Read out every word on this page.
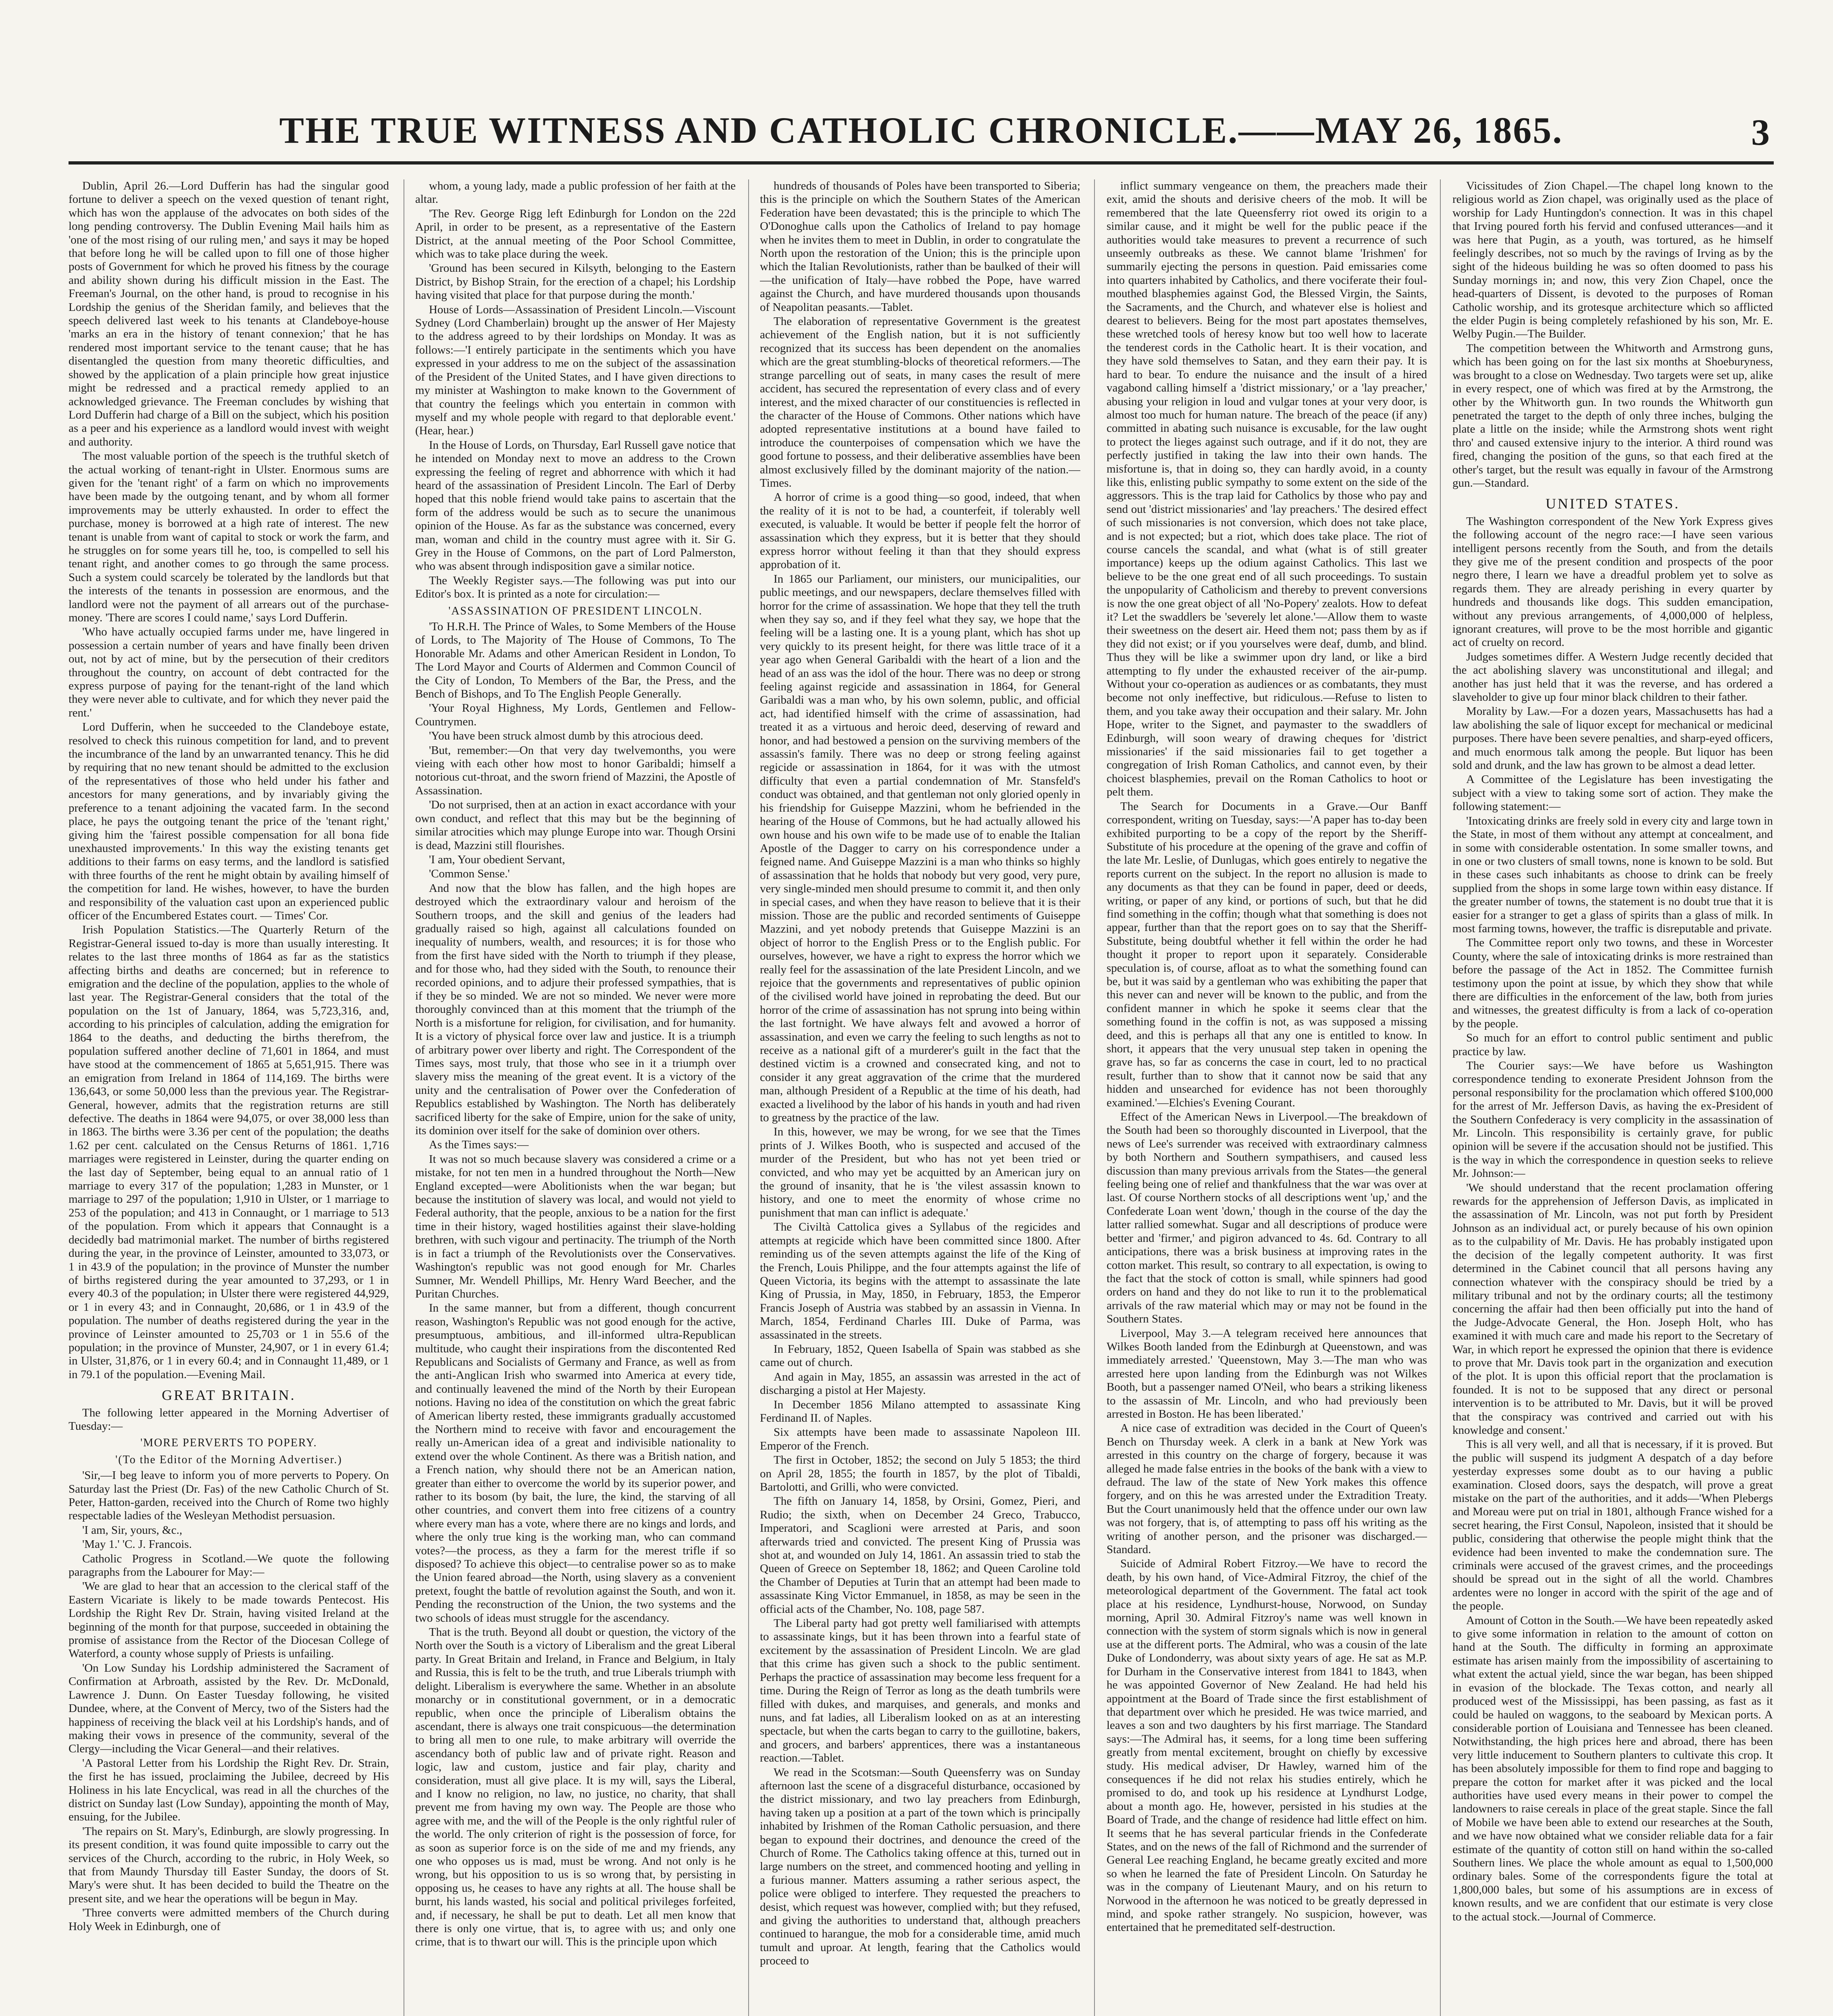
THE TRUE WITNESS AND CATHOLIC CHRONICLE.——MAY 26, 1865.	3

Dublin, April 26.—Lord Dufferin has had the singular good fortune to deliver a speech on the vexed question of tenant right, which has won the applause of the advocates on both sides of the long pending controversy. The Dublin Evening Mail hails him as 'one of the most rising of our ruling men,' and says it may be hoped that before long he will be called upon to fill one of those higher posts of Government for which he proved his fitness by the courage and ability shown during his difficult mission in the East. The Freeman's Journal, on the other hand, is proud to recognise in his Lordship the genius of the Sheridan family, and believes that the speech delivered last week to his tenants at Clandeboye-house 'marks an era in the history of tenant connexion;' that he has rendered most important service to the tenant cause; that he has disentangled the question from many theoretic difficulties, and showed by the application of a plain principle how great injustice might be redressed and a practical remedy applied to an acknowledged grievance. The Freeman concludes by wishing that Lord Dufferin had charge of a Bill on the subject, which his position as a peer and his experience as a landlord would invest with weight and authority.

The most valuable portion of the speech is the truthful sketch of the actual working of tenant-right in Ulster. Enormous sums are given for the 'tenant right' of a farm on which no improvements have been made by the outgoing tenant, and by whom all former improvements may be utterly exhausted. In order to effect the purchase, money is borrowed at a high rate of interest. The new tenant is unable from want of capital to stock or work the farm, and he struggles on for some years till he, too, is compelled to sell his tenant right, and another comes to go through the same process. Such a system could scarcely be tolerated by the landlords but that the interests of the tenants in possession are enormous, and the landlord were not the payment of all arrears out of the purchase-money. 'There are scores I could name,' says Lord Dufferin.

'Who have actually occupied farms under me, have lingered in possession a certain number of years and have finally been driven out, not by act of mine, but by the persecution of their creditors throughout the country, on account of debt contracted for the express purpose of paying for the tenant-right of the land which they were never able to cultivate, and for which they never paid the rent.'

Lord Dufferin, when he succeeded to the Clandeboye estate, resolved to check this ruinous competition for land, and to prevent the incumbrance of the land by an unwarranted tenancy. This he did by requiring that no new tenant should be admitted to the exclusion of the representatives of those who held under his father and ancestors for many generations, and by invariably giving the preference to a tenant adjoining the vacated farm. In the second place, he pays the outgoing tenant the price of the 'tenant right,' giving him the 'fairest possible compensation for all bona fide unexhausted improvements.' In this way the existing tenants get additions to their farms on easy terms, and the landlord is satisfied with three fourths of the rent he might obtain by availing himself of the competition for land. He wishes, however, to have the burden and responsibility of the valuation cast upon an experienced public officer of the Encumbered Estates court. — Times' Cor.

Irish Population Statistics.—The Quarterly Return of the Registrar-General issued to-day is more than usually interesting. It relates to the last three months of 1864 as far as the statistics affecting births and deaths are concerned; but in reference to emigration and the decline of the population, applies to the whole of last year. The Registrar-General considers that the total of the population on the 1st of January, 1864, was 5,723,316, and, according to his principles of calculation, adding the emigration for 1864 to the deaths, and deducting the births therefrom, the population suffered another decline of 71,601 in 1864, and must have stood at the commencement of 1865 at 5,651,915. There was an emigration from Ireland in 1864 of 114,169. The births were 136,643, or some 50,000 less than the previous year. The Registrar-General, however, admits that the registration returns are still defective. The deaths in 1864 were 94,075, or over 38,000 less than in 1863. The births were 3.36 per cent of the population; the deaths 1.62 per cent. calculated on the Census Returns of 1861. 1,716 marriages were registered in Leinster, during the quarter ending on the last day of September, being equal to an annual ratio of 1 marriage to every 317 of the population; 1,283 in Munster, or 1 marriage to 297 of the population; 1,910 in Ulster, or 1 marriage to 253 of the population; and 413 in Connaught, or 1 marriage to 513 of the population. From which it appears that Connaught is a decidedly bad matrimonial market. The number of births registered during the year, in the province of Leinster, amounted to 33,073, or 1 in 43.9 of the population; in the province of Munster the number of births registered during the year amounted to 37,293, or 1 in every 40.3 of the population; in Ulster there were registered 44,929, or 1 in every 43; and in Connaught, 20,686, or 1 in 43.9 of the population. The number of deaths registered during the year in the province of Leinster amounted to 25,703 or 1 in 55.6 of the population; in the province of Munster, 24,907, or 1 in every 61.4; in Ulster, 31,876, or 1 in every 60.4; and in Connaught 11,489, or 1 in 79.1 of the population.—Evening Mail.

GREAT BRITAIN.

The following letter appeared in the Morning Advertiser of Tuesday:—

'MORE PERVERTS TO POPERY.
'(To the Editor of the Morning Advertiser.)

'Sir,—I beg leave to inform you of more perverts to Popery. On Saturday last the Priest (Dr. Fas) of the new Catholic Church of St. Peter, Hatton-garden, received into the Church of Rome two highly respectable ladies of the Wesleyan Methodist persuasion.

'I am, Sir, yours, &c.,

'May 1.' 'C. J. Francois.

Catholic Progress in Scotland.—We quote the following paragraphs from the Labourer for May:—

'We are glad to hear that an accession to the clerical staff of the Eastern Vicariate is likely to be made towards Pentecost. His Lordship the Right Rev Dr. Strain, having visited Ireland at the beginning of the month for that purpose, succeeded in obtaining the promise of assistance from the Rector of the Diocesan College of Waterford, a county whose supply of Priests is unfailing.

'On Low Sunday his Lordship administered the Sacrament of Confirmation at Arbroath, assisted by the Rev. Dr. McDonald, Lawrence J. Dunn. On Easter Tuesday following, he visited Dundee, where, at the Convent of Mercy, two of the Sisters had the happiness of receiving the black veil at his Lordship's hands, and of making their vows in presence of the community, several of the Clergy—including the Vicar General—and their relatives.

'A Pastoral Letter from his Lordship the Right Rev. Dr. Strain, the first he has issued, proclaiming the Jubilee, decreed by His Holiness in his late Encyclical, was read in all the churches of the district on Sunday last (Low Sunday), appointing the month of May, ensuing, for the Jubilee.

'The repairs on St. Mary's, Edinburgh, are slowly progressing. In its present condition, it was found quite impossible to carry out the services of the Church, according to the rubric, in Holy Week, so that from Maundy Thursday till Easter Sunday, the doors of St. Mary's were shut. It has been decided to build the Theatre on the present site, and we hear the operations will be begun in May.

'Three converts were admitted members of the Church during Holy Week in Edinburgh, one of

whom, a young lady, made a public profession of her faith at the altar.

'The Rev. George Rigg left Edinburgh for London on the 22d April, in order to be present, as a representative of the Eastern District, at the annual meeting of the Poor School Committee, which was to take place during the week.

'Ground has been secured in Kilsyth, belonging to the Eastern District, by Bishop Strain, for the erection of a chapel; his Lordship having visited that place for that purpose during the month.'

House of Lords—Assassination of President Lincoln.—Viscount Sydney (Lord Chamberlain) brought up the answer of Her Majesty to the address agreed to by their lordships on Monday. It was as follows:—'I entirely participate in the sentiments which you have expressed in your address to me on the subject of the assassination of the President of the United States, and I have given directions to my minister at Washington to make known to the Government of that country the feelings which you entertain in common with myself and my whole people with regard to that deplorable event.' (Hear, hear.)

In the House of Lords, on Thursday, Earl Russell gave notice that he intended on Monday next to move an address to the Crown expressing the feeling of regret and abhorrence with which it had heard of the assassination of President Lincoln. The Earl of Derby hoped that this noble friend would take pains to ascertain that the form of the address would be such as to secure the unanimous opinion of the House. As far as the substance was concerned, every man, woman and child in the country must agree with it. Sir G. Grey in the House of Commons, on the part of Lord Palmerston, who was absent through indisposition gave a similar notice.

The Weekly Register says.—The following was put into our Editor's box. It is printed as a note for circulation:—

'ASSASSINATION OF PRESIDENT LINCOLN.

'To H.R.H. The Prince of Wales, to Some Members of the House of Lords, to The Majority of The House of Commons, To The Honorable Mr. Adams and other American Resident in London, To The Lord Mayor and Courts of Aldermen and Common Council of the City of London, To Members of the Bar, the Press, and the Bench of Bishops, and To The English People Generally.

'Your Royal Highness, My Lords, Gentlemen and Fellow-Countrymen.

'You have been struck almost dumb by this atrocious deed.

'But, remember:—On that very day twelvemonths, you were vieing with each other how most to honor Garibaldi; himself a notorious cut-throat, and the sworn friend of Mazzini, the Apostle of Assassination.

'Do not surprised, then at an action in exact accordance with your own conduct, and reflect that this may but be the beginning of similar atrocities which may plunge Europe into war. Though Orsini is dead, Mazzini still flourishes.

'I am, Your obedient Servant,

'Common Sense.'

And now that the blow has fallen, and the high hopes are destroyed which the extraordinary valour and heroism of the Southern troops, and the skill and genius of the leaders had gradually raised so high, against all calculations founded on inequality of numbers, wealth, and resources; it is for those who from the first have sided with the North to triumph if they please, and for those who, had they sided with the South, to renounce their recorded opinions, and to adjure their professed sympathies, that is if they be so minded. We are not so minded. We never were more thoroughly convinced than at this moment that the triumph of the North is a misfortune for religion, for civilisation, and for humanity. It is a victory of physical force over law and justice. It is a triumph of arbitrary power over liberty and right. The Correspondent of the Times says, most truly, that those who see in it a triumph over slavery miss the meaning of the great event. It is a victory of the unity and the centralisation of Power over the Confederation of Republics established by Washington. The North has deliberately sacrificed liberty for the sake of Empire, union for the sake of unity, its dominion over itself for the sake of dominion over others.

As the Times says:—

It was not so much because slavery was considered a crime or a mistake, for not ten men in a hundred throughout the North—New England excepted—were Abolitionists when the war began; but because the institution of slavery was local, and would not yield to Federal authority, that the people, anxious to be a nation for the first time in their history, waged hostilities against their slave-holding brethren, with such vigour and pertinacity. The triumph of the North is in fact a triumph of the Revolutionists over the Conservatives. Washington's republic was not good enough for Mr. Charles Sumner, Mr. Wendell Phillips, Mr. Henry Ward Beecher, and the Puritan Churches.

In the same manner, but from a different, though concurrent reason, Washington's Republic was not good enough for the active, presumptuous, ambitious, and ill-informed ultra-Republican multitude, who caught their inspirations from the discontented Red Republicans and Socialists of Germany and France, as well as from the anti-Anglican Irish who swarmed into America at every tide, and continually leavened the mind of the North by their European notions. Having no idea of the constitution on which the great fabric of American liberty rested, these immigrants gradually accustomed the Northern mind to receive with favor and encouragement the really un-American idea of a great and indivisible nationality to extend over the whole Continent. As there was a British nation, and a French nation, why should there not be an American nation, greater than either to overcome the world by its superior power, and rather to its bosom (by bait, the lure, the kind, the starving of all other countries, and convert them into free citizens of a country where every man has a vote, where there are no kings and lords, and where the only true king is the working man, who can command votes?—the process, as they a farm for the merest trifle if so disposed? To achieve this object—to centralise power so as to make the Union feared abroad—the North, using slavery as a convenient pretext, fought the battle of revolution against the South, and won it. Pending the reconstruction of the Union, the two systems and the two schools of ideas must struggle for the ascendancy.

That is the truth. Beyond all doubt or question, the victory of the North over the South is a victory of Liberalism and the great Liberal party. In Great Britain and Ireland, in France and Belgium, in Italy and Russia, this is felt to be the truth, and true Liberals triumph with delight. Liberalism is everywhere the same. Whether in an absolute monarchy or in constitutional government, or in a democratic republic, when once the principle of Liberalism obtains the ascendant, there is always one trait conspicuous—the determination to bring all men to one rule, to make arbitrary will override the ascendancy both of public law and of private right. Reason and logic, law and custom, justice and fair play, charity and consideration, must all give place. It is my will, says the Liberal, and I know no religion, no law, no justice, no charity, that shall prevent me from having my own way. The People are those who agree with me, and the will of the People is the only rightful ruler of the world. The only criterion of right is the possession of force, for as soon as superior force is on the side of me and my friends, any one who opposes us is mad, must be wrong. And not only is he wrong, but his opposition to us is so wrong that, by persisting in opposing us, he ceases to have any rights at all. The house shall be burnt, his lands wasted, his social and political privileges forfeited, and, if necessary, he shall be put to death. Let all men know that there is only one virtue, that is, to agree with us; and only one crime, that is to thwart our will. This is the principle upon which

hundreds of thousands of Poles have been transported to Siberia; this is the principle on which the Southern States of the American Federation have been devastated; this is the principle to which The O'Donoghue calls upon the Catholics of Ireland to pay homage when he invites them to meet in Dublin, in order to congratulate the North upon the restoration of the Union; this is the principle upon which the Italian Revolutionists, rather than be baulked of their will—the unification of Italy—have robbed the Pope, have warred against the Church, and have murdered thousands upon thousands of Neapolitan peasants.—Tablet.

The elaboration of representative Government is the greatest achievement of the English nation, but it is not sufficiently recognized that its success has been dependent on the anomalies which are the great stumbling-blocks of theoretical reformers.—The strange parcelling out of seats, in many cases the result of mere accident, has secured the representation of every class and of every interest, and the mixed character of our constituencies is reflected in the character of the House of Commons. Other nations which have adopted representative institutions at a bound have failed to introduce the counterpoises of compensation which we have the good fortune to possess, and their deliberative assemblies have been almost exclusively filled by the dominant majority of the nation.—Times.

A horror of crime is a good thing—so good, indeed, that when the reality of it is not to be had, a counterfeit, if tolerably well executed, is valuable. It would be better if people felt the horror of assassination which they express, but it is better that they should express horror without feeling it than that they should express approbation of it.

In 1865 our Parliament, our ministers, our municipalities, our public meetings, and our newspapers, declare themselves filled with horror for the crime of assassination. We hope that they tell the truth when they say so, and if they feel what they say, we hope that the feeling will be a lasting one. It is a young plant, which has shot up very quickly to its present height, for there was little trace of it a year ago when General Garibaldi with the heart of a lion and the head of an ass was the idol of the hour. There was no deep or strong feeling against regicide and assassination in 1864, for General Garibaldi was a man who, by his own solemn, public, and official act, had identified himself with the crime of assassination, had treated it as a virtuous and heroic deed, deserving of reward and honor, and had bestowed a pension on the surviving members of the assassin's family. There was no deep or strong feeling against regicide or assassination in 1864, for it was with the utmost difficulty that even a partial condemnation of Mr. Stansfeld's conduct was obtained, and that gentleman not only gloried openly in his friendship for Guiseppe Mazzini, whom he befriended in the hearing of the House of Commons, but he had actually allowed his own house and his own wife to be made use of to enable the Italian Apostle of the Dagger to carry on his correspondence under a feigned name. And Guiseppe Mazzini is a man who thinks so highly of assassination that he holds that nobody but very good, very pure, very single-minded men should presume to commit it, and then only in special cases, and when they have reason to believe that it is their mission. Those are the public and recorded sentiments of Guiseppe Mazzini, and yet nobody pretends that Guiseppe Mazzini is an object of horror to the English Press or to the English public. For ourselves, however, we have a right to express the horror which we really feel for the assassination of the late President Lincoln, and we rejoice that the governments and representatives of public opinion of the civilised world have joined in reprobating the deed. But our horror of the crime of assassination has not sprung into being within the last fortnight. We have always felt and avowed a horror of assassination, and even we carry the feeling to such lengths as not to receive as a national gift of a murderer's guilt in the fact that the destined victim is a crowned and consecrated king, and not to consider it any great aggravation of the crime that the murdered man, although President of a Republic at the time of his death, had exacted a livelihood by the labor of his hands in youth and had riven to greatness by the practice of the law.

In this, however, we may be wrong, for we see that the Times prints of J. Wilkes Booth, who is suspected and accused of the murder of the President, but who has not yet been tried or convicted, and who may yet be acquitted by an American jury on the ground of insanity, that he is 'the vilest assassin known to history, and one to meet the enormity of whose crime no punishment that man can inflict is adequate.'

The Civiltà Cattolica gives a Syllabus of the regicides and attempts at regicide which have been committed since 1800. After reminding us of the seven attempts against the life of the King of the French, Louis Philippe, and the four attempts against the life of Queen Victoria, its begins with the attempt to assassinate the late King of Prussia, in May, 1850, in February, 1853, the Emperor Francis Joseph of Austria was stabbed by an assassin in Vienna. In March, 1854, Ferdinand Charles III. Duke of Parma, was assassinated in the streets.

In February, 1852, Queen Isabella of Spain was stabbed as she came out of church.

And again in May, 1855, an assassin was arrested in the act of discharging a pistol at Her Majesty.

In December 1856 Milano attempted to assassinate King Ferdinand II. of Naples.

Six attempts have been made to assassinate Napoleon III. Emperor of the French.

The first in October, 1852; the second on July 5 1853; the third on April 28, 1855; the fourth in 1857, by the plot of Tibaldi, Bartolotti, and Grilli, who were convicted.

The fifth on January 14, 1858, by Orsini, Gomez, Pieri, and Rudio; the sixth, when on December 24 Greco, Trabucco, Imperatori, and Scaglioni were arrested at Paris, and soon afterwards tried and convicted. The present King of Prussia was shot at, and wounded on July 14, 1861. An assassin tried to stab the Queen of Greece on September 18, 1862; and Queen Caroline told the Chamber of Deputies at Turin that an attempt had been made to assassinate King Victor Emmanuel, in 1858, as may be seen in the official acts of the Chamber, No. 108, page 587.

The Liberal party had got pretty well familiarised with attempts to assassinate kings, but it has been thrown into a fearful state of excitement by the assassination of President Lincoln. We are glad that this crime has given such a shock to the public sentiment. Perhaps the practice of assassination may become less frequent for a time. During the Reign of Terror as long as the death tumbrils were filled with dukes, and marquises, and generals, and monks and nuns, and fat ladies, all Liberalism looked on as at an interesting spectacle, but when the carts began to carry to the guillotine, bakers, and grocers, and barbers' apprentices, there was a instantaneous reaction.—Tablet.

We read in the Scotsman:—South Queensferry was on Sunday afternoon last the scene of a disgraceful disturbance, occasioned by the district missionary, and two lay preachers from Edinburgh, having taken up a position at a part of the town which is principally inhabited by Irishmen of the Roman Catholic persuasion, and there began to expound their doctrines, and denounce the creed of the Church of Rome. The Catholics taking offence at this, turned out in large numbers on the street, and commenced hooting and yelling in a furious manner. Matters assuming a rather serious aspect, the police were obliged to interfere. They requested the preachers to desist, which request was however, complied with; but they refused, and giving the authorities to understand that, although preachers continued to harangue, the mob for a considerable time, amid much tumult and uproar. At length, fearing that the Catholics would proceed to

inflict summary vengeance on them, the preachers made their exit, amid the shouts and derisive cheers of the mob. It will be remembered that the late Queensferry riot owed its origin to a similar cause, and it might be well for the public peace if the authorities would take measures to prevent a recurrence of such unseemly outbreaks as these. We cannot blame 'Irishmen' for summarily ejecting the persons in question. Paid emissaries come into quarters inhabited by Catholics, and there vociferate their foul-mouthed blasphemies against God, the Blessed Virgin, the Saints, the Sacraments, and the Church, and whatever else is holiest and dearest to believers. Being for the most part apostates themselves, these wretched tools of heresy know but too well how to lacerate the tenderest cords in the Catholic heart. It is their vocation, and they have sold themselves to Satan, and they earn their pay. It is hard to bear. To endure the nuisance and the insult of a hired vagabond calling himself a 'district missionary,' or a 'lay preacher,' abusing your religion in loud and vulgar tones at your very door, is almost too much for human nature. The breach of the peace (if any) committed in abating such nuisance is excusable, for the law ought to protect the lieges against such outrage, and if it do not, they are perfectly justified in taking the law into their own hands. The misfortune is, that in doing so, they can hardly avoid, in a county like this, enlisting public sympathy to some extent on the side of the aggressors. This is the trap laid for Catholics by those who pay and send out 'district missionaries' and 'lay preachers.' The desired effect of such missionaries is not conversion, which does not take place, and is not expected; but a riot, which does take place. The riot of course cancels the scandal, and what (what is of still greater importance) keeps up the odium against Catholics. This last we believe to be the one great end of all such proceedings. To sustain the unpopularity of Catholicism and thereby to prevent conversions is now the one great object of all 'No-Popery' zealots. How to defeat it? Let the swaddlers be 'severely let alone.'—Allow them to waste their sweetness on the desert air. Heed them not; pass them by as if they did not exist; or if you yourselves were deaf, dumb, and blind. Thus they will be like a swimmer upon dry land, or like a bird attempting to fly under the exhausted receiver of the air-pump. Without your co-operation as audiences or as combatants, they must become not only ineffective, but ridiculous.—Refuse to listen to them, and you take away their occupation and their salary. Mr. John Hope, writer to the Signet, and paymaster to the swaddlers of Edinburgh, will soon weary of drawing cheques for 'district missionaries' if the said missionaries fail to get together a congregation of Irish Roman Catholics, and cannot even, by their choicest blasphemies, prevail on the Roman Catholics to hoot or pelt them.

The Search for Documents in a Grave.—Our Banff correspondent, writing on Tuesday, says:—'A paper has to-day been exhibited purporting to be a copy of the report by the Sheriff-Substitute of his procedure at the opening of the grave and coffin of the late Mr. Leslie, of Dunlugas, which goes entirely to negative the reports current on the subject. In the report no allusion is made to any documents as that they can be found in paper, deed or deeds, writing, or paper of any kind, or portions of such, but that he did find something in the coffin; though what that something is does not appear, further than that the report goes on to say that the Sheriff-Substitute, being doubtful whether it fell within the order he had thought it proper to report upon it separately. Considerable speculation is, of course, afloat as to what the something found can be, but it was said by a gentleman who was exhibiting the paper that this never can and never will be known to the public, and from the confident manner in which he spoke it seems clear that the something found in the coffin is not, as was supposed a missing deed, and this is perhaps all that any one is entitled to know. In short, it appears that the very unusual step taken in opening the grave has, so far as concerns the case in court, led to no practical result, further than to show that it cannot now be said that any hidden and unsearched for evidence has not been thoroughly examined.'—Elchies's Evening Courant.

Effect of the American News in Liverpool.—The breakdown of the South had been so thoroughly discounted in Liverpool, that the news of Lee's surrender was received with extraordinary calmness by both Northern and Southern sympathisers, and caused less discussion than many previous arrivals from the States—the general feeling being one of relief and thankfulness that the war was over at last. Of course Northern stocks of all descriptions went 'up,' and the Confederate Loan went 'down,' though in the course of the day the latter rallied somewhat. Sugar and all descriptions of produce were better and 'firmer,' and pigiron advanced to 4s. 6d. Contrary to all anticipations, there was a brisk business at improving rates in the cotton market. This result, so contrary to all expectation, is owing to the fact that the stock of cotton is small, while spinners had good orders on hand and they do not like to run it to the problematical arrivals of the raw material which may or may not be found in the Southern States.

Liverpool, May 3.—A telegram received here announces that Wilkes Booth landed from the Edinburgh at Queenstown, and was immediately arrested.' 'Queenstown, May 3.—The man who was arrested here upon landing from the Edinburgh was not Wilkes Booth, but a passenger named O'Neil, who bears a striking likeness to the assassin of Mr. Lincoln, and who had previously been arrested in Boston. He has been liberated.'

A nice case of extradition was decided in the Court of Queen's Bench on Thursday week. A clerk in a bank at New York was arrested in this country on the charge of forgery, because it was alleged he made false entries in the books of the bank with a view to defraud. The law of the state of New York makes this offence forgery, and on this he was arrested under the Extradition Treaty. But the Court unanimously held that the offence under our own law was not forgery, that is, of attempting to pass off his writing as the writing of another person, and the prisoner was discharged.—Standard.

Suicide of Admiral Robert Fitzroy.—We have to record the death, by his own hand, of Vice-Admiral Fitzroy, the chief of the meteorological department of the Government. The fatal act took place at his residence, Lyndhurst-house, Norwood, on Sunday morning, April 30. Admiral Fitzroy's name was well known in connection with the system of storm signals which is now in general use at the different ports. The Admiral, who was a cousin of the late Duke of Londonderry, was about sixty years of age. He sat as M.P. for Durham in the Conservative interest from 1841 to 1843, when he was appointed Governor of New Zealand. He had held his appointment at the Board of Trade since the first establishment of that department over which he presided. He was twice married, and leaves a son and two daughters by his first marriage. The Standard says:—The Admiral has, it seems, for a long time been suffering greatly from mental excitement, brought on chiefly by excessive study. His medical adviser, Dr Hawley, warned him of the consequences if he did not relax his studies entirely, which he promised to do, and took up his residence at Lyndhurst Lodge, about a month ago. He, however, persisted in his studies at the Board of Trade, and the change of residence had little effect on him. It seems that he has several particular friends in the Confederate States, and on the news of the fall of Richmond and the surrender of General Lee reaching England, he became greatly excited and more so when he learned the fate of President Lincoln. On Saturday he was in the company of Lieutenant Maury, and on his return to Norwood in the afternoon he was noticed to be greatly depressed in mind, and spoke rather strangely. No suspicion, however, was entertained that he premeditated self-destruction.

Vicissitudes of Zion Chapel.—The chapel long known to the religious world as Zion chapel, was originally used as the place of worship for Lady Huntingdon's connection. It was in this chapel that Irving poured forth his fervid and confused utterances—and it was here that Pugin, as a youth, was tortured, as he himself feelingly describes, not so much by the ravings of Irving as by the sight of the hideous building he was so often doomed to pass his Sunday mornings in; and now, this very Zion Chapel, once the head-quarters of Dissent, is devoted to the purposes of Roman Catholic worship, and its grotesque architecture which so afflicted the elder Pugin is being completely refashioned by his son, Mr. E. Welby Pugin.—The Builder.

The competition between the Whitworth and Armstrong guns, which has been going on for the last six months at Shoeburyness, was brought to a close on Wednesday. Two targets were set up, alike in every respect, one of which was fired at by the Armstrong, the other by the Whitworth gun. In two rounds the Whitworth gun penetrated the target to the depth of only three inches, bulging the plate a little on the inside; while the Armstrong shots went right thro' and caused extensive injury to the interior. A third round was fired, changing the position of the guns, so that each fired at the other's target, but the result was equally in favour of the Armstrong gun.—Standard.

UNITED STATES.

The Washington correspondent of the New York Express gives the following account of the negro race:—I have seen various intelligent persons recently from the South, and from the details they give me of the present condition and prospects of the poor negro there, I learn we have a dreadful problem yet to solve as regards them. They are already perishing in every quarter by hundreds and thousands like dogs. This sudden emancipation, without any previous arrangements, of 4,000,000 of helpless, ignorant creatures, will prove to be the most horrible and gigantic act of cruelty on record.

Judges sometimes differ. A Western Judge recently decided that the act abolishing slavery was unconstitutional and illegal; and another has just held that it was the reverse, and has ordered a slaveholder to give up four minor black children to their father.

Morality by Law.—For a dozen years, Massachusetts has had a law abolishing the sale of liquor except for mechanical or medicinal purposes. There have been severe penalties, and sharp-eyed officers, and much enormous talk among the people. But liquor has been sold and drunk, and the law has grown to be almost a dead letter.

A Committee of the Legislature has been investigating the subject with a view to taking some sort of action. They make the following statement:—

'Intoxicating drinks are freely sold in every city and large town in the State, in most of them without any attempt at concealment, and in some with considerable ostentation. In some smaller towns, and in one or two clusters of small towns, none is known to be sold. But in these cases such inhabitants as choose to drink can be freely supplied from the shops in some large town within easy distance. If the greater number of towns, the statement is no doubt true that it is easier for a stranger to get a glass of spirits than a glass of milk. In most farming towns, however, the traffic is disreputable and private.

The Committee report only two towns, and these in Worcester County, where the sale of intoxicating drinks is more restrained than before the passage of the Act in 1852. The Committee furnish testimony upon the point at issue, by which they show that while there are difficulties in the enforcement of the law, both from juries and witnesses, the greatest difficulty is from a lack of co-operation by the people.

So much for an effort to control public sentiment and public practice by law.

The Courier says:—We have before us Washington correspondence tending to exonerate President Johnson from the personal responsibility for the proclamation which offered $100,000 for the arrest of Mr. Jefferson Davis, as having the ex-President of the Southern Confederacy is very complicity in the assassination of Mr. Lincoln. This responsibility is certainly grave, for public opinion will be severe if the accusation should not be justified. This is the way in which the correspondence in question seeks to relieve Mr. Johnson:—

'We should understand that the recent proclamation offering rewards for the apprehension of Jefferson Davis, as implicated in the assassination of Mr. Lincoln, was not put forth by President Johnson as an individual act, or purely because of his own opinion as to the culpability of Mr. Davis. He has probably instigated upon the decision of the legally competent authority. It was first determined in the Cabinet council that all persons having any connection whatever with the conspiracy should be tried by a military tribunal and not by the ordinary courts; all the testimony concerning the affair had then been officially put into the hand of the Judge-Advocate General, the Hon. Joseph Holt, who has examined it with much care and made his report to the Secretary of War, in which report he expressed the opinion that there is evidence to prove that Mr. Davis took part in the organization and execution of the plot. It is upon this official report that the proclamation is founded. It is not to be supposed that any direct or personal intervention is to be attributed to Mr. Davis, but it will be proved that the conspiracy was contrived and carried out with his knowledge and consent.'

This is all very well, and all that is necessary, if it is proved. But the public will suspend its judgment A despatch of a day before yesterday expresses some doubt as to our having a public examination. Closed doors, says the despatch, will prove a great mistake on the part of the authorities, and it adds—'When Plebergs and Moreau were put on trial in 1801, although France wished for a secret hearing, the First Consul, Napoleon, insisted that it should be public, considering that otherwise the people might think that the evidence had been invented to make the condemnation sure. The criminals were accused of the gravest crimes, and the proceedings should be spread out in the sight of all the world. Chambres ardentes were no longer in accord with the spirit of the age and of the people.

Amount of Cotton in the South.—We have been repeatedly asked to give some information in relation to the amount of cotton on hand at the South. The difficulty in forming an approximate estimate has arisen mainly from the impossibility of ascertaining to what extent the actual yield, since the war began, has been shipped in evasion of the blockade. The Texas cotton, and nearly all produced west of the Mississippi, has been passing, as fast as it could be hauled on waggons, to the seaboard by Mexican ports. A considerable portion of Louisiana and Tennessee has been cleaned. Notwithstanding, the high prices here and abroad, there has been very little inducement to Southern planters to cultivate this crop. It has been absolutely impossible for them to find rope and bagging to prepare the cotton for market after it was picked and the local authorities have used every means in their power to compel the landowners to raise cereals in place of the great staple. Since the fall of Mobile we have been able to extend our researches at the South, and we have now obtained what we consider reliable data for a fair estimate of the quantity of cotton still on hand within the so-called Southern lines. We place the whole amount as equal to 1,500,000 ordinary bales. Some of the correspondents figure the total at 1,800,000 bales, but some of his assumptions are in excess of known results, and we are confident that our estimate is very close to the actual stock.—Journal of Commerce.
